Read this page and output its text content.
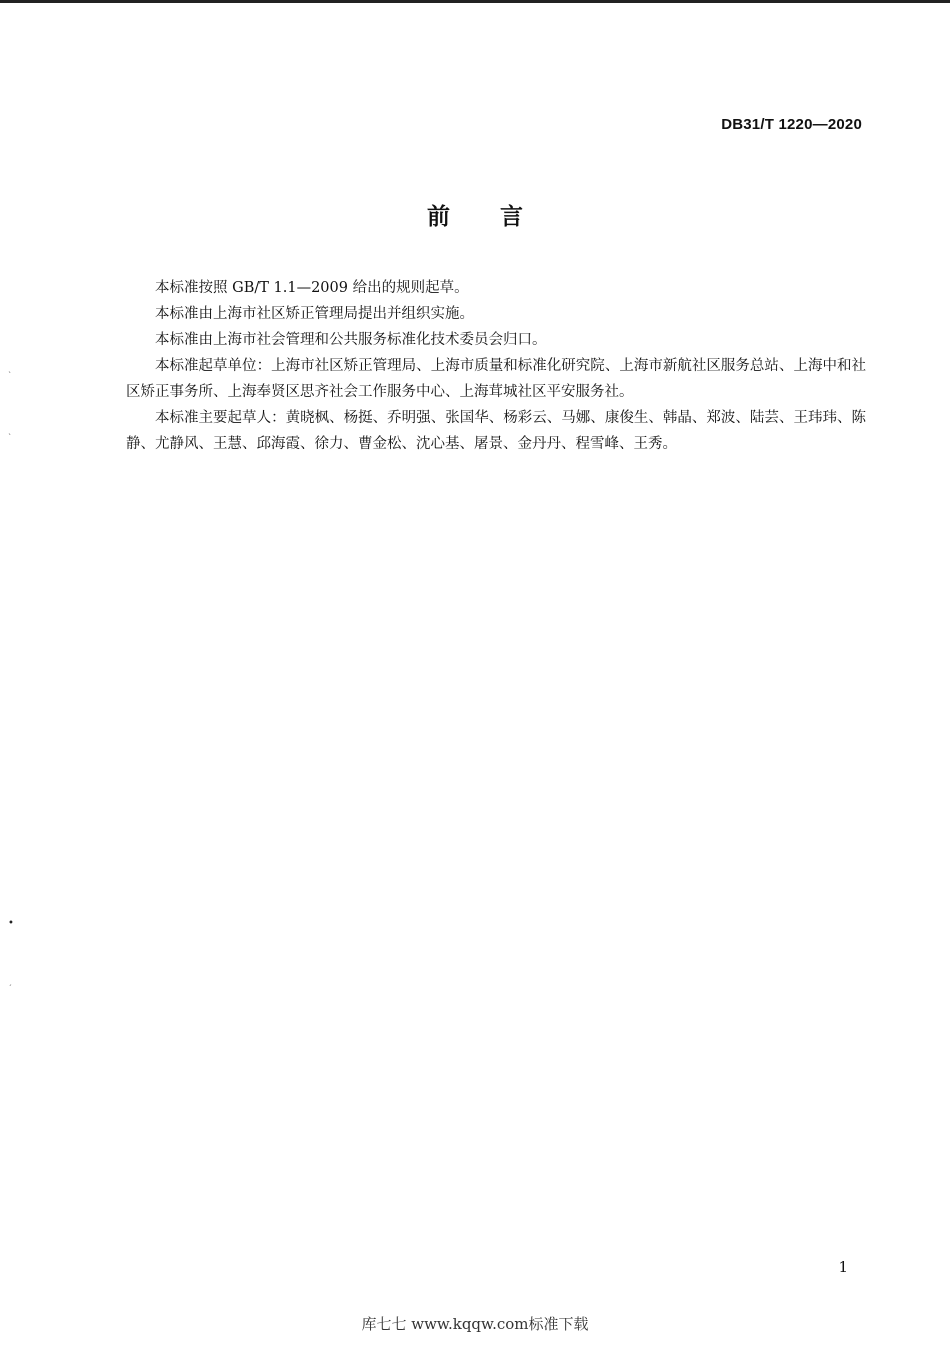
DB31/T 1220—2020
前言

本标准按照 GB/T 1.1—2009 给出的规则起草。

本标准由上海市社区矫正管理局提出并组织实施。

本标准由上海市社会管理和公共服务标准化技术委员会归口。

本标准起草单位：上海市社区矫正管理局、上海市质量和标准化研究院、上海市新航社区服务总站、上海中和社区矫正事务所、上海奉贤区思齐社会工作服务中心、上海茸城社区平安服务社。

本标准主要起草人：黄晓枫、杨挺、乔明强、张国华、杨彩云、马娜、康俊生、韩晶、郑波、陆芸、王玮玮、陈静、尤静风、王慧、邱海霞、徐力、曹金松、沈心基、屠景、金丹丹、程雪峰、王秀。

ˋ
ˋ
•
ˊ
1
库七七 www.kqqw.com标准下载
